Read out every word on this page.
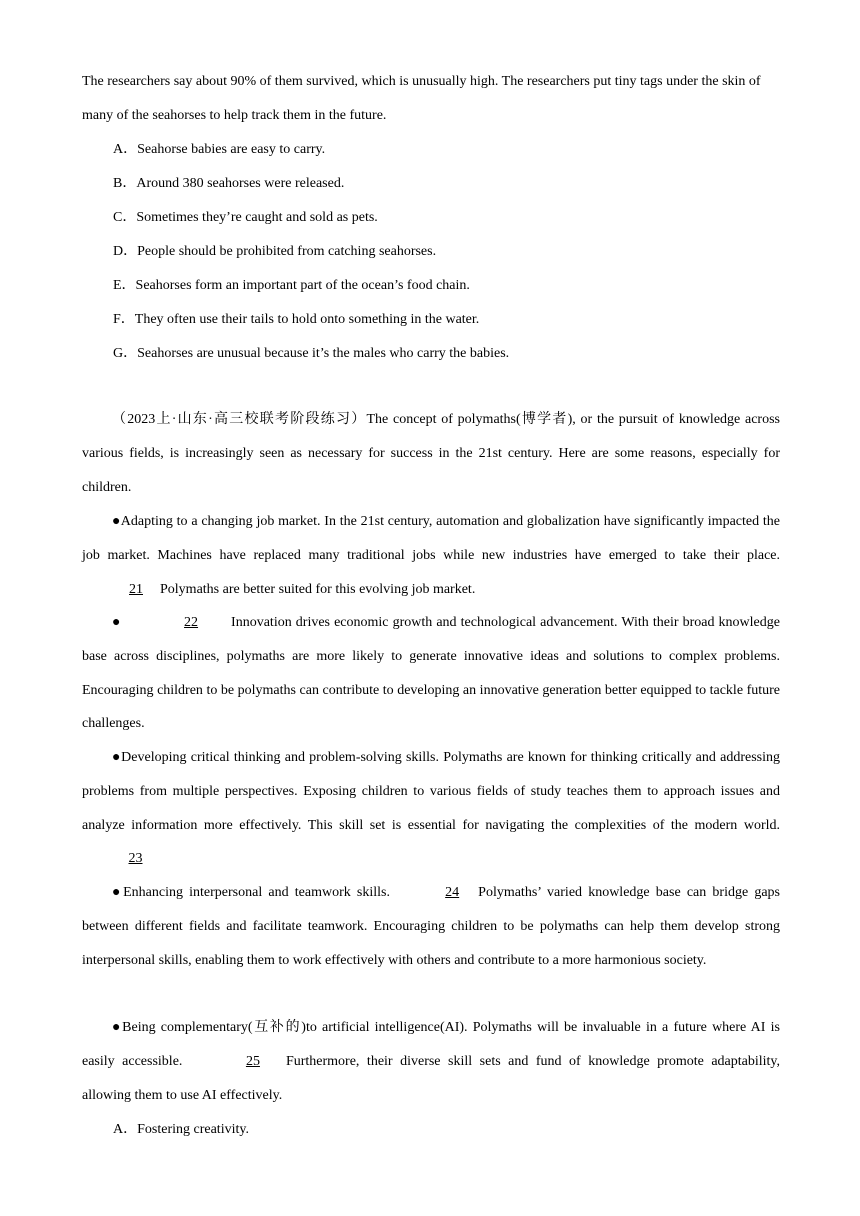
The researchers say about 90% of them survived, which is unusually high. The researchers put tiny tags under the skin of many of the seahorses to help track them in the future.

A．Seahorse babies are easy to carry.

B．Around 380 seahorses were released.

C．Sometimes they’re caught and sold as pets.

D．People should be prohibited from catching seahorses.

E．Seahorses form an important part of the ocean’s food chain.

F．They often use their tails to hold onto something in the water.

G．Seahorses are unusual because it’s the males who carry the babies.

（2023上·山东·高三校联考阶段练习）The concept of polymaths(博学者), or the pursuit of knowledge across various fields, is increasingly seen as necessary for success in the 21st century. Here are some reasons, especially for children.

●Adapting to a changing job market. In the 21st century, automation and globalization have significantly impacted the job market. Machines have replaced many traditional jobs while new industries have emerged to take their place.21 Polymaths are better suited for this evolving job market.

●	22 Innovation drives economic growth and technological advancement. With their broad knowledge base across disciplines, polymaths are more likely to generate innovative ideas and solutions to complex problems. Encouraging children to be polymaths can contribute to developing an innovative generation better equipped to tackle future challenges.

●Developing critical thinking and problem-solving skills. Polymaths are known for thinking critically and addressing problems from multiple perspectives. Exposing children to various fields of study teaches them to approach issues and analyze information more effectively. This skill set is essential for navigating the complexities of the modern world. 23

●Enhancing interpersonal and teamwork skills.	24 Polymaths’ varied knowledge base can bridge gaps between different fields and facilitate teamwork. Encouraging children to be polymaths can help them develop strong interpersonal skills, enabling them to work effectively with others and contribute to a more harmonious society.

●Being complementary(互补的)to artificial intelligence(AI). Polymaths will be invaluable in a future where AI is easily accessible.	25 Furthermore, their diverse skill sets and fund of knowledge promote adaptability, allowing them to use AI effectively.

A．Fostering creativity.
